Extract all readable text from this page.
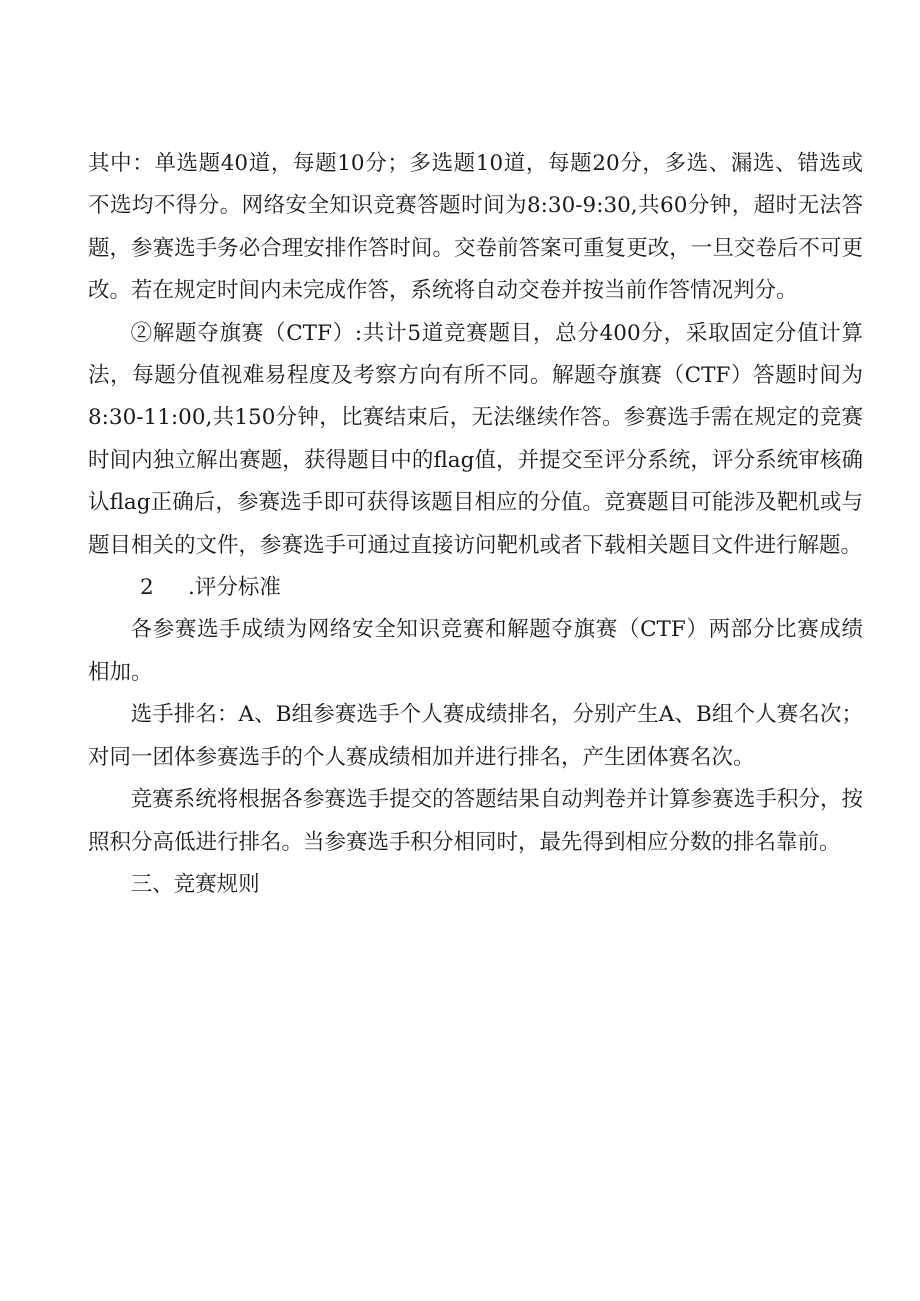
其中：单选题40道，每题10分；多选题10道，每题20分，多选、漏选、错选或不选均不得分。网络安全知识竞赛答题时间为8:30-9:30,共60分钟，超时无法答题，参赛选手务必合理安排作答时间。交卷前答案可重复更改，一旦交卷后不可更改。若在规定时间内未完成作答，系统将自动交卷并按当前作答情况判分。

②解题夺旗赛（CTF）:共计5道竞赛题目，总分400分，采取固定分值计算法，每题分值视难易程度及考察方向有所不同。解题夺旗赛（CTF）答题时间为8:30-11:00,共150分钟，比赛结束后，无法继续作答。参赛选手需在规定的竞赛时间内独立解出赛题，获得题目中的flag值，并提交至评分系统，评分系统审核确认flag正确后，参赛选手即可获得该题目相应的分值。竞赛题目可能涉及靶机或与题目相关的文件，参赛选手可通过直接访问靶机或者下载相关题目文件进行解题。

2 .评分标准

各参赛选手成绩为网络安全知识竞赛和解题夺旗赛（CTF）两部分比赛成绩相加。

选手排名：A、B组参赛选手个人赛成绩排名，分别产生A、B组个人赛名次；对同一团体参赛选手的个人赛成绩相加并进行排名，产生团体赛名次。

竞赛系统将根据各参赛选手提交的答题结果自动判卷并计算参赛选手积分，按照积分高低进行排名。当参赛选手积分相同时，最先得到相应分数的排名靠前。

三、竞赛规则
